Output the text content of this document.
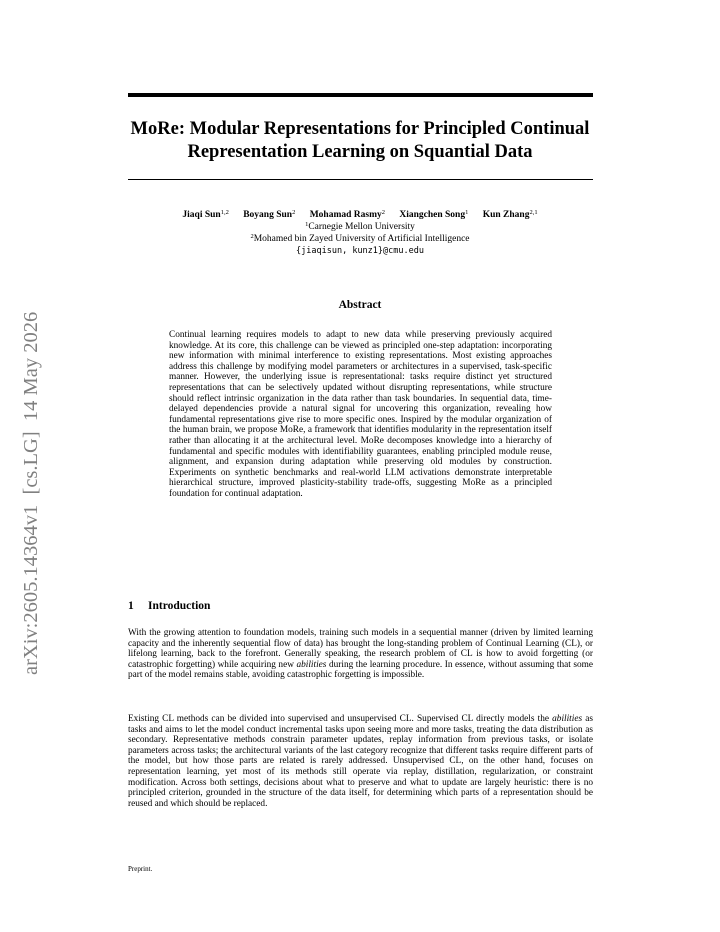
arXiv:2605.14364v1  [cs.LG]  14 May 2026
MoRe: Modular Representations for Principled Continual Representation Learning on Squantial Data
Jiaqi Sun$^{1,2}$ Boyang Sun$^2$ Mohamad Rasmy$^2$ Xiangchen Song$^1$ Kun Zhang$^{2,1}$
$^1$Carnegie Mellon University
$^2$Mohamed bin Zayed University of Artificial Intelligence
{jiaqisun, kunz1}@cmu.edu
Abstract
Continual learning requires models to adapt to new data while preserving previously acquired knowledge. At its core, this challenge can be viewed as principled one-step adaptation: incorporating new information with minimal interference to existing representations. Most existing approaches address this challenge by modifying model parameters or architectures in a supervised, task-specific manner. However, the underlying issue is representational: tasks require distinct yet structured representations that can be selectively updated without disrupting representations, while structure should reflect intrinsic organization in the data rather than task boundaries. In sequential data, time-delayed dependencies provide a natural signal for uncovering this organization, revealing how fundamental representations give rise to more specific ones. Inspired by the modular organization of the human brain, we propose MoRe, a framework that identifies modularity in the representation itself rather than allocating it at the architectural level. MoRe decomposes knowledge into a hierarchy of fundamental and specific modules with identifiability guarantees, enabling principled module reuse, alignment, and expansion during adaptation while preserving old modules by construction. Experiments on synthetic benchmarks and real-world LLM activations demonstrate interpretable hierarchical structure, improved plasticity-stability trade-offs, suggesting MoRe as a principled foundation for continual adaptation.
1 Introduction

With the growing attention to foundation models, training such models in a sequential manner (driven by limited learning capacity and the inherently sequential flow of data) has brought the long-standing problem of Continual Learning (CL), or lifelong learning, back to the forefront. Generally speaking, the research problem of CL is how to avoid forgetting (or catastrophic forgetting) while acquiring new abilities during the learning procedure. In essence, without assuming that some part of the model remains stable, avoiding catastrophic forgetting is impossible.

Existing CL methods can be divided into supervised and unsupervised CL. Supervised CL directly models the abilities as tasks and aims to let the model conduct incremental tasks upon seeing more and more tasks, treating the data distribution as secondary. Representative methods constrain parameter updates, replay information from previous tasks, or isolate parameters across tasks; the architectural variants of the last category recognize that different tasks require different parts of the model, but how those parts are related is rarely addressed. Unsupervised CL, on the other hand, focuses on representation learning, yet most of its methods still operate via replay, distillation, regularization, or constraint modification. Across both settings, decisions about what to preserve and what to update are largely heuristic: there is no principled criterion, grounded in the structure of the data itself, for determining which parts of a representation should be reused and which should be replaced.

Preprint.
